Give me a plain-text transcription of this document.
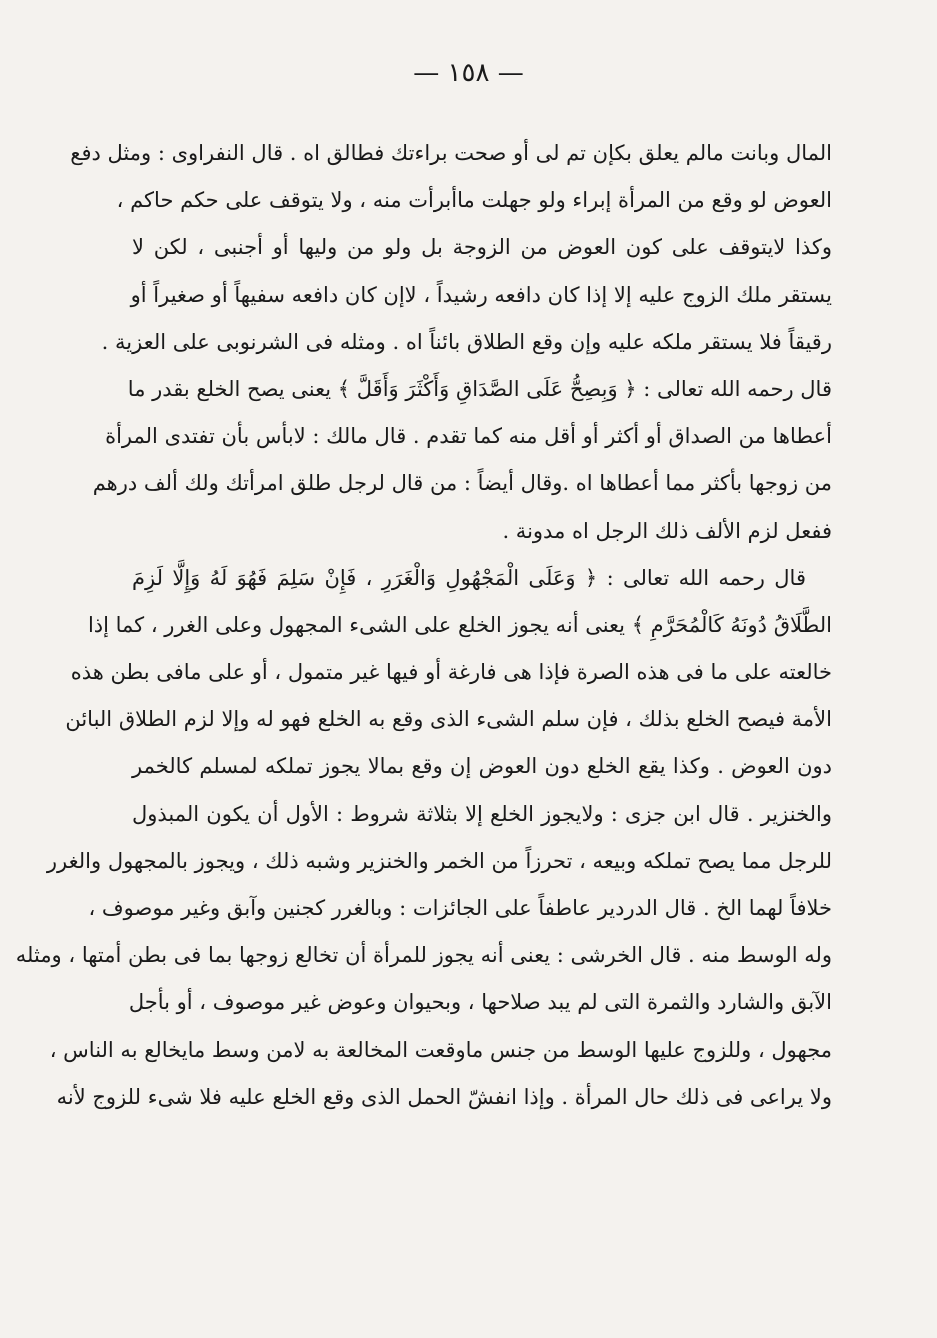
— ١٥٨ —
المال وبانت مالم يعلق بكإن تم لى أو صحت براءتك فطالق اه . قال النفراوى : ومثل دفع
العوض لو وقع من المرأة إبراء ولو جهلت ماأبرأت منه ، ولا يتوقف على حكم حاكم ،
وكذا لايتوقف على كون العوض من الزوجة بل ولو من وليها أو أجنبى ، لكن لا
يستقر ملك الزوج عليه إلا إذا كان دافعه رشيداً ، لاإن كان دافعه سفيهاً أو صغيراً أو
رقيقاً فلا يستقر ملكه عليه وإن وقع الطلاق بائناً اه . ومثله فى الشرنوبى على العزية .
قال رحمه الله تعالى : ﴿ وَبِصِحُّ عَلَى الصَّدَاقِ وَأَكْثَرَ وَأَقَلَّ ﴾ يعنى يصح الخلع بقدر ما
أعطاها من الصداق أو أكثر أو أقل منه كما تقدم . قال مالك : لابأس بأن تفتدى المرأة
من زوجها بأكثر مما أعطاها اه .وقال أيضاً : من قال لرجل طلق امرأتك ولك ألف درهم
ففعل لزم الألف ذلك الرجل اه مدونة .
قال رحمه الله تعالى : ﴿ وَعَلَى الْمَجْهُولِ وَالْغَرَرِ ، فَإِنْ سَلِمَ فَهُوَ لَهُ وَإِلَّا لَزِمَ
الطَّلَاقُ دُونَهُ كَالْمُحَرَّمِ ﴾ يعنى أنه يجوز الخلع على الشىء المجهول وعلى الغرر ، كما إذا
خالعته على ما فى هذه الصرة فإذا هى فارغة أو فيها غير متمول ، أو على مافى بطن هذه
الأمة فيصح الخلع بذلك ، فإن سلم الشىء الذى وقع به الخلع فهو له وإلا لزم الطلاق البائن
دون العوض . وكذا يقع الخلع دون العوض إن وقع بمالا يجوز تملكه لمسلم كالخمر
والخنزير . قال ابن جزى : ولايجوز الخلع إلا بثلاثة شروط : الأول أن يكون المبذول
للرجل مما يصح تملكه وبيعه ، تحرزاً من الخمر والخنزير وشبه ذلك ، ويجوز بالمجهول والغرر
خلافاً لهما الخ . قال الدردير عاطفاً على الجائزات : وبالغرر كجنين وآبق وغير موصوف ،
وله الوسط منه . قال الخرشى : يعنى أنه يجوز للمرأة أن تخالع زوجها بما فى بطن أمتها ، ومثله
الآبق والشارد والثمرة التى لم يبد صلاحها ، وبحيوان وعوض غير موصوف ، أو بأجل
مجهول ، وللزوج عليها الوسط من جنس ماوقعت المخالعة به لامن وسط مايخالع به الناس ،
ولا يراعى فى ذلك حال المرأة . وإذا انفشّ الحمل الذى وقع الخلع عليه فلا شىء للزوج لأنه
